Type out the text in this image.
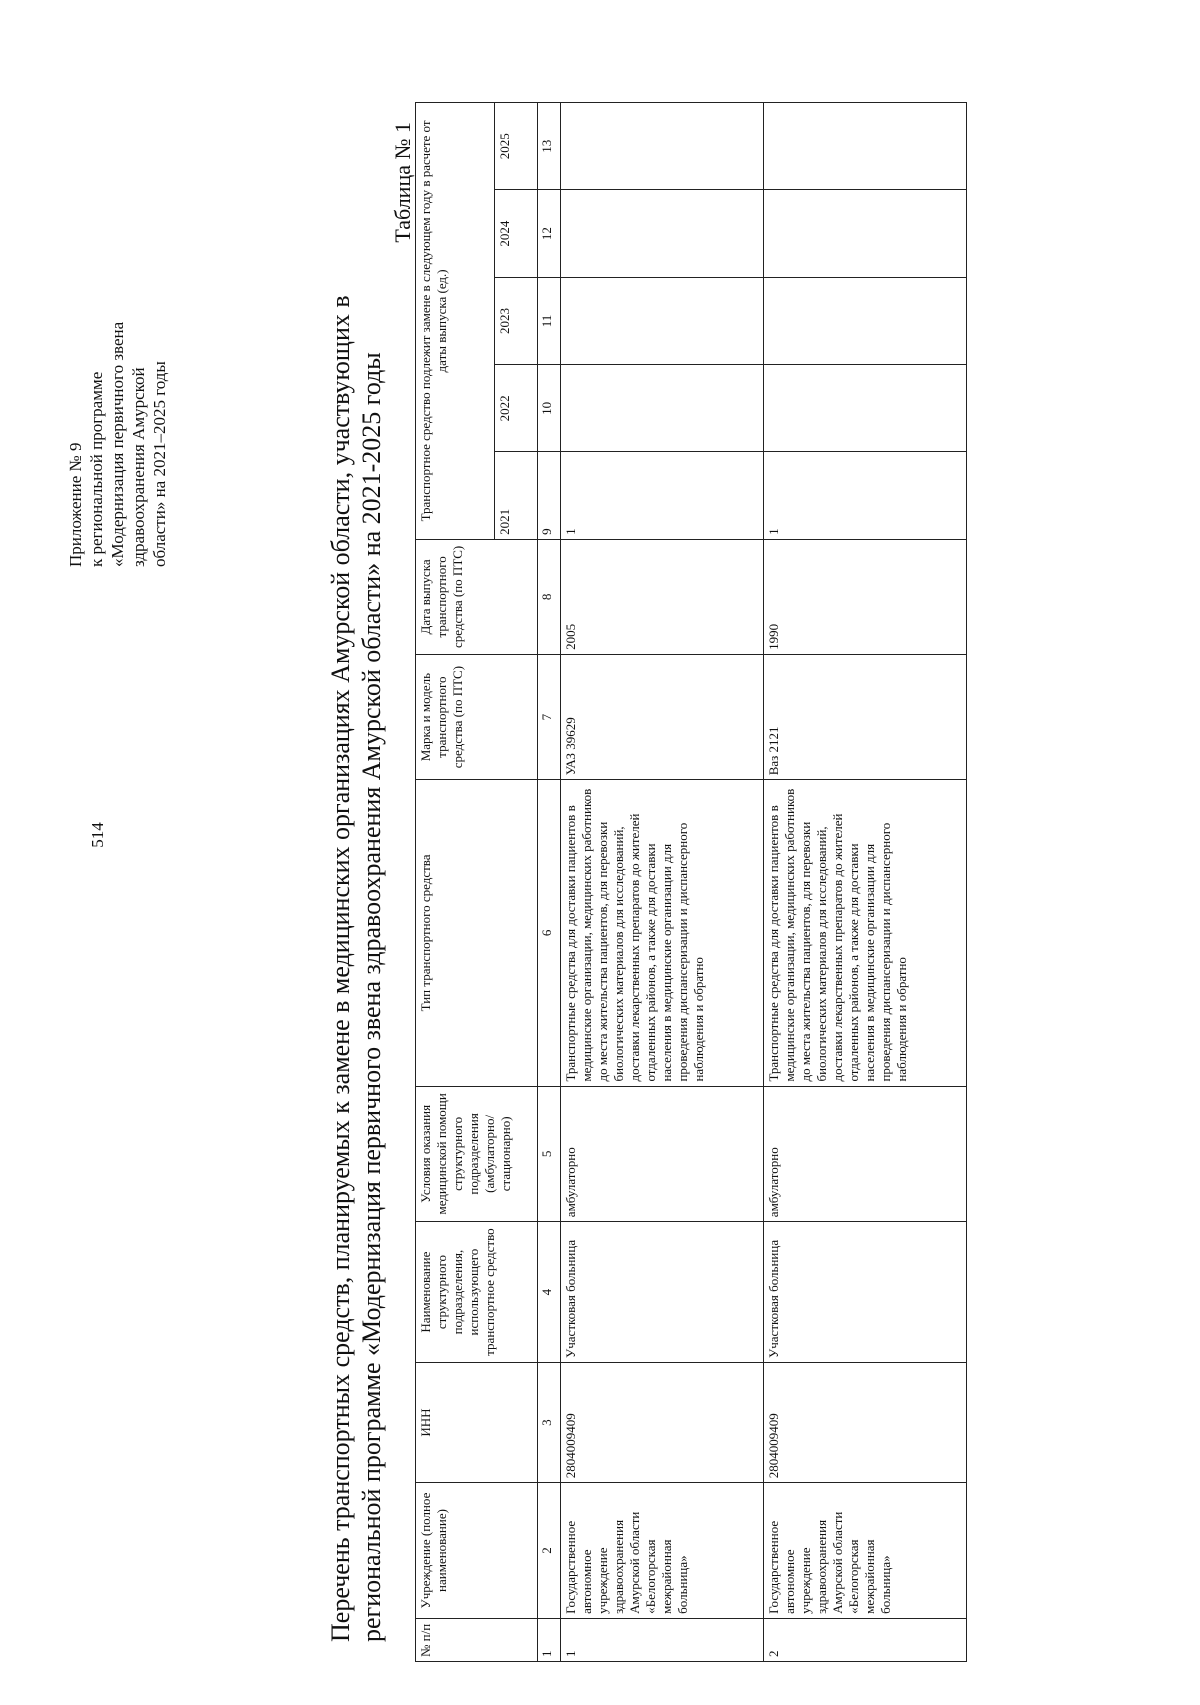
514
Приложение № 9 к региональной программе «Модернизация первичного звена здравоохранения Амурской области» на 2021–2025 годы	Перечень транспортных средств, планируемых к замене в медицинских организациях Амурской области, участвующих в региональной программе «Модернизация первичного звена здравоохранения Амурской области» на 2021-2025 годы
Таблица № 1
№ п/п	Учреждение (полное наименование)	ИНН	Наименование структурного подразделения, использующего транспортное средство	Условия оказания медицинской помощи структурного подразделения (амбулаторно/ стационарно)	Тип транспортного средства	Марка и модель транспортного средства (по ПТС)	Дата выпуска транспортного средства (по ПТС)	Транспортное средство подлежит замене в следующем году в расчете от даты выпуска (ед.)				
								2021	2022	2023	2024	2025
1	2	3	4	5	6	7	8	9	10	11	12	13
1	Государственное автономное учреждение здравоохранения Амурской области «Белогорская межрайонная больница»	2804009409	Участковая больница	амбулаторно	Транспортные средства для доставки пациентов в медицинские организации, медицинских работников до места жительства пациентов, для перевозки биологических материалов для исследований, доставки лекарственных препаратов до жителей отдаленных районов, а также для доставки населения в медицинские организации для проведения диспансеризации и диспансерного наблюдения и обратно	УАЗ 39629	2005	1				
2	Государственное автономное учреждение здравоохранения Амурской области «Белогорская межрайонная больница»	2804009409	Участковая больница	амбулаторно	Транспортные средства для доставки пациентов в медицинские организации, медицинских работников до места жительства пациентов, для перевозки биологических материалов для исследований, доставки лекарственных препаратов до жителей отдаленных районов, а также для доставки населения в медицинские организации для проведения диспансеризации и диспансерного наблюдения и обратно	Ваз 2121	1990	1				
